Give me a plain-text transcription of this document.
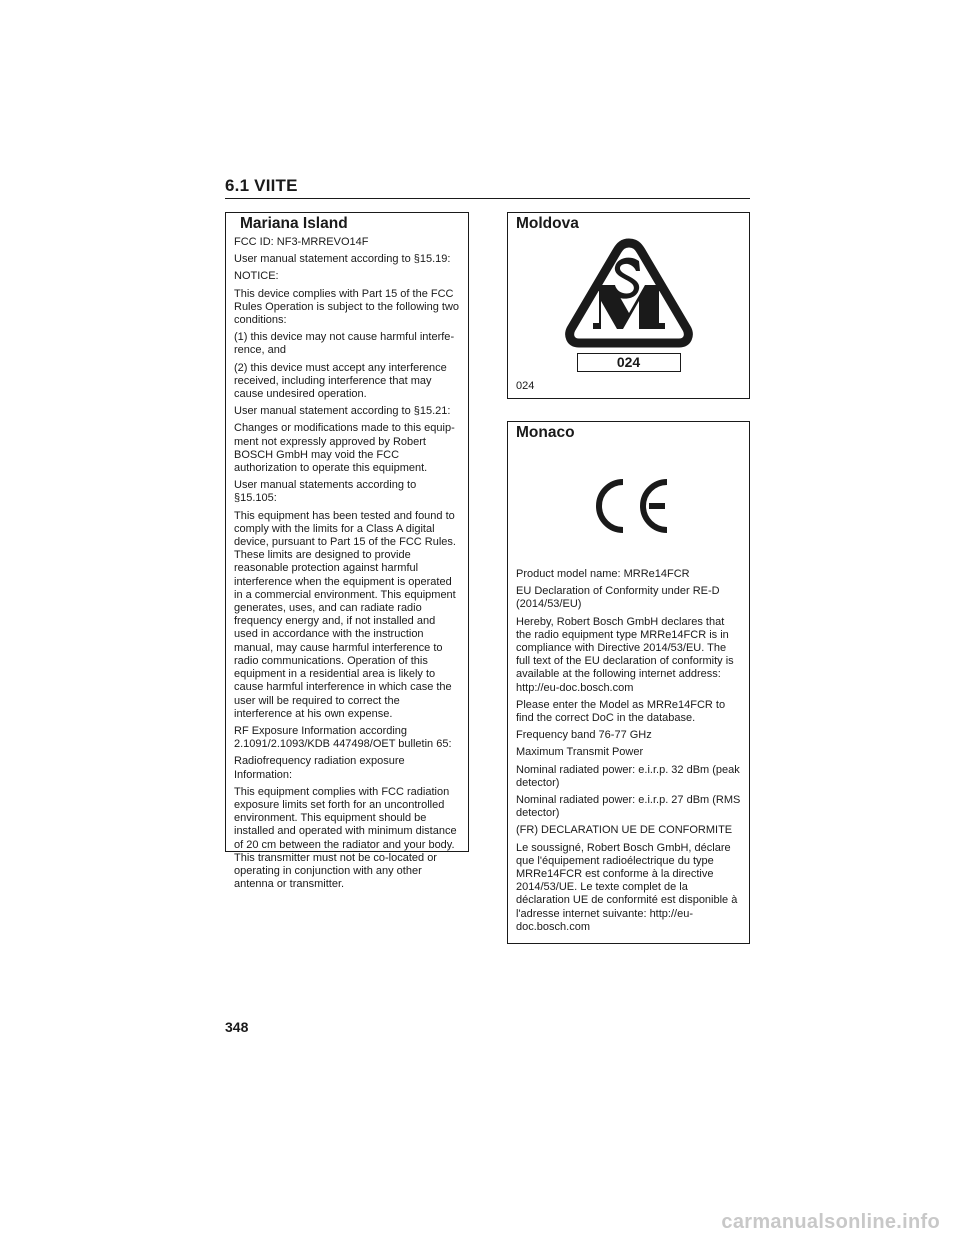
6.1 VIITE
Mariana Island

FCC ID: NF3-MRREVO14F

User manual statement according to §15.19:

NOTICE:

This device complies with Part 15 of the FCC Rules Operation is subject to the following two conditions:

(1) this device may not cause harmful interference, and

(2) this device must accept any interference received, including interference that may cause undesired operation.

User manual statement according to §15.21:

Changes or modifications made to this equipment not expressly approved by Robert BOSCH GmbH may void the FCC authorization to operate this equipment.

User manual statements according to §15.105:

This equipment has been tested and found to comply with the limits for a Class A digital device, pursuant to Part 15 of the FCC Rules. These limits are designed to provide reasonable protection against harmful interference when the equipment is operated in a commercial environment. This equipment generates, uses, and can radiate radio frequency energy and, if not installed and used in accordance with the instruction manual, may cause harmful interference to radio communications. Operation of this equipment in a residential area is likely to cause harmful interference in which case the user will be required to correct the interference at his own expense.

RF Exposure Information according 2.1091/2.1093/KDB 447498/OET bulletin 65:

Radiofrequency radiation exposure Information:

This equipment complies with FCC radiation exposure limits set forth for an uncontrolled environment. This equipment should be installed and operated with minimum distance of 20 cm between the radiator and your body. This transmitter must not be co-located or operating in conjunction with any other antenna or transmitter.

Moldova
024
024
Monaco

Product model name: MRRe14FCR

EU Declaration of Conformity under RE-D (2014/53/EU)

Hereby, Robert Bosch GmbH declares that the radio equipment type MRRe14FCR is in compliance with Directive 2014/53/EU. The full text of the EU declaration of conformity is available at the following internet address: http://eu-doc.bosch.com

Please enter the Model as MRRe14FCR to find the correct DoC in the database.

Frequency band 76-77 GHz

Maximum Transmit Power

Nominal radiated power: e.i.r.p. 32 dBm (peak detector)

Nominal radiated power: e.i.r.p. 27 dBm (RMS detector)

(FR) DECLARATION UE DE CONFORMITE

Le soussigné, Robert Bosch GmbH, déclare que l'équipement radioélectrique du type MRRe14FCR est conforme à la directive 2014/53/UE. Le texte complet de la déclaration UE de conformité est disponible à l'adresse internet suivante: http://eu-doc.bosch.com

348
carmanualsonline.info
